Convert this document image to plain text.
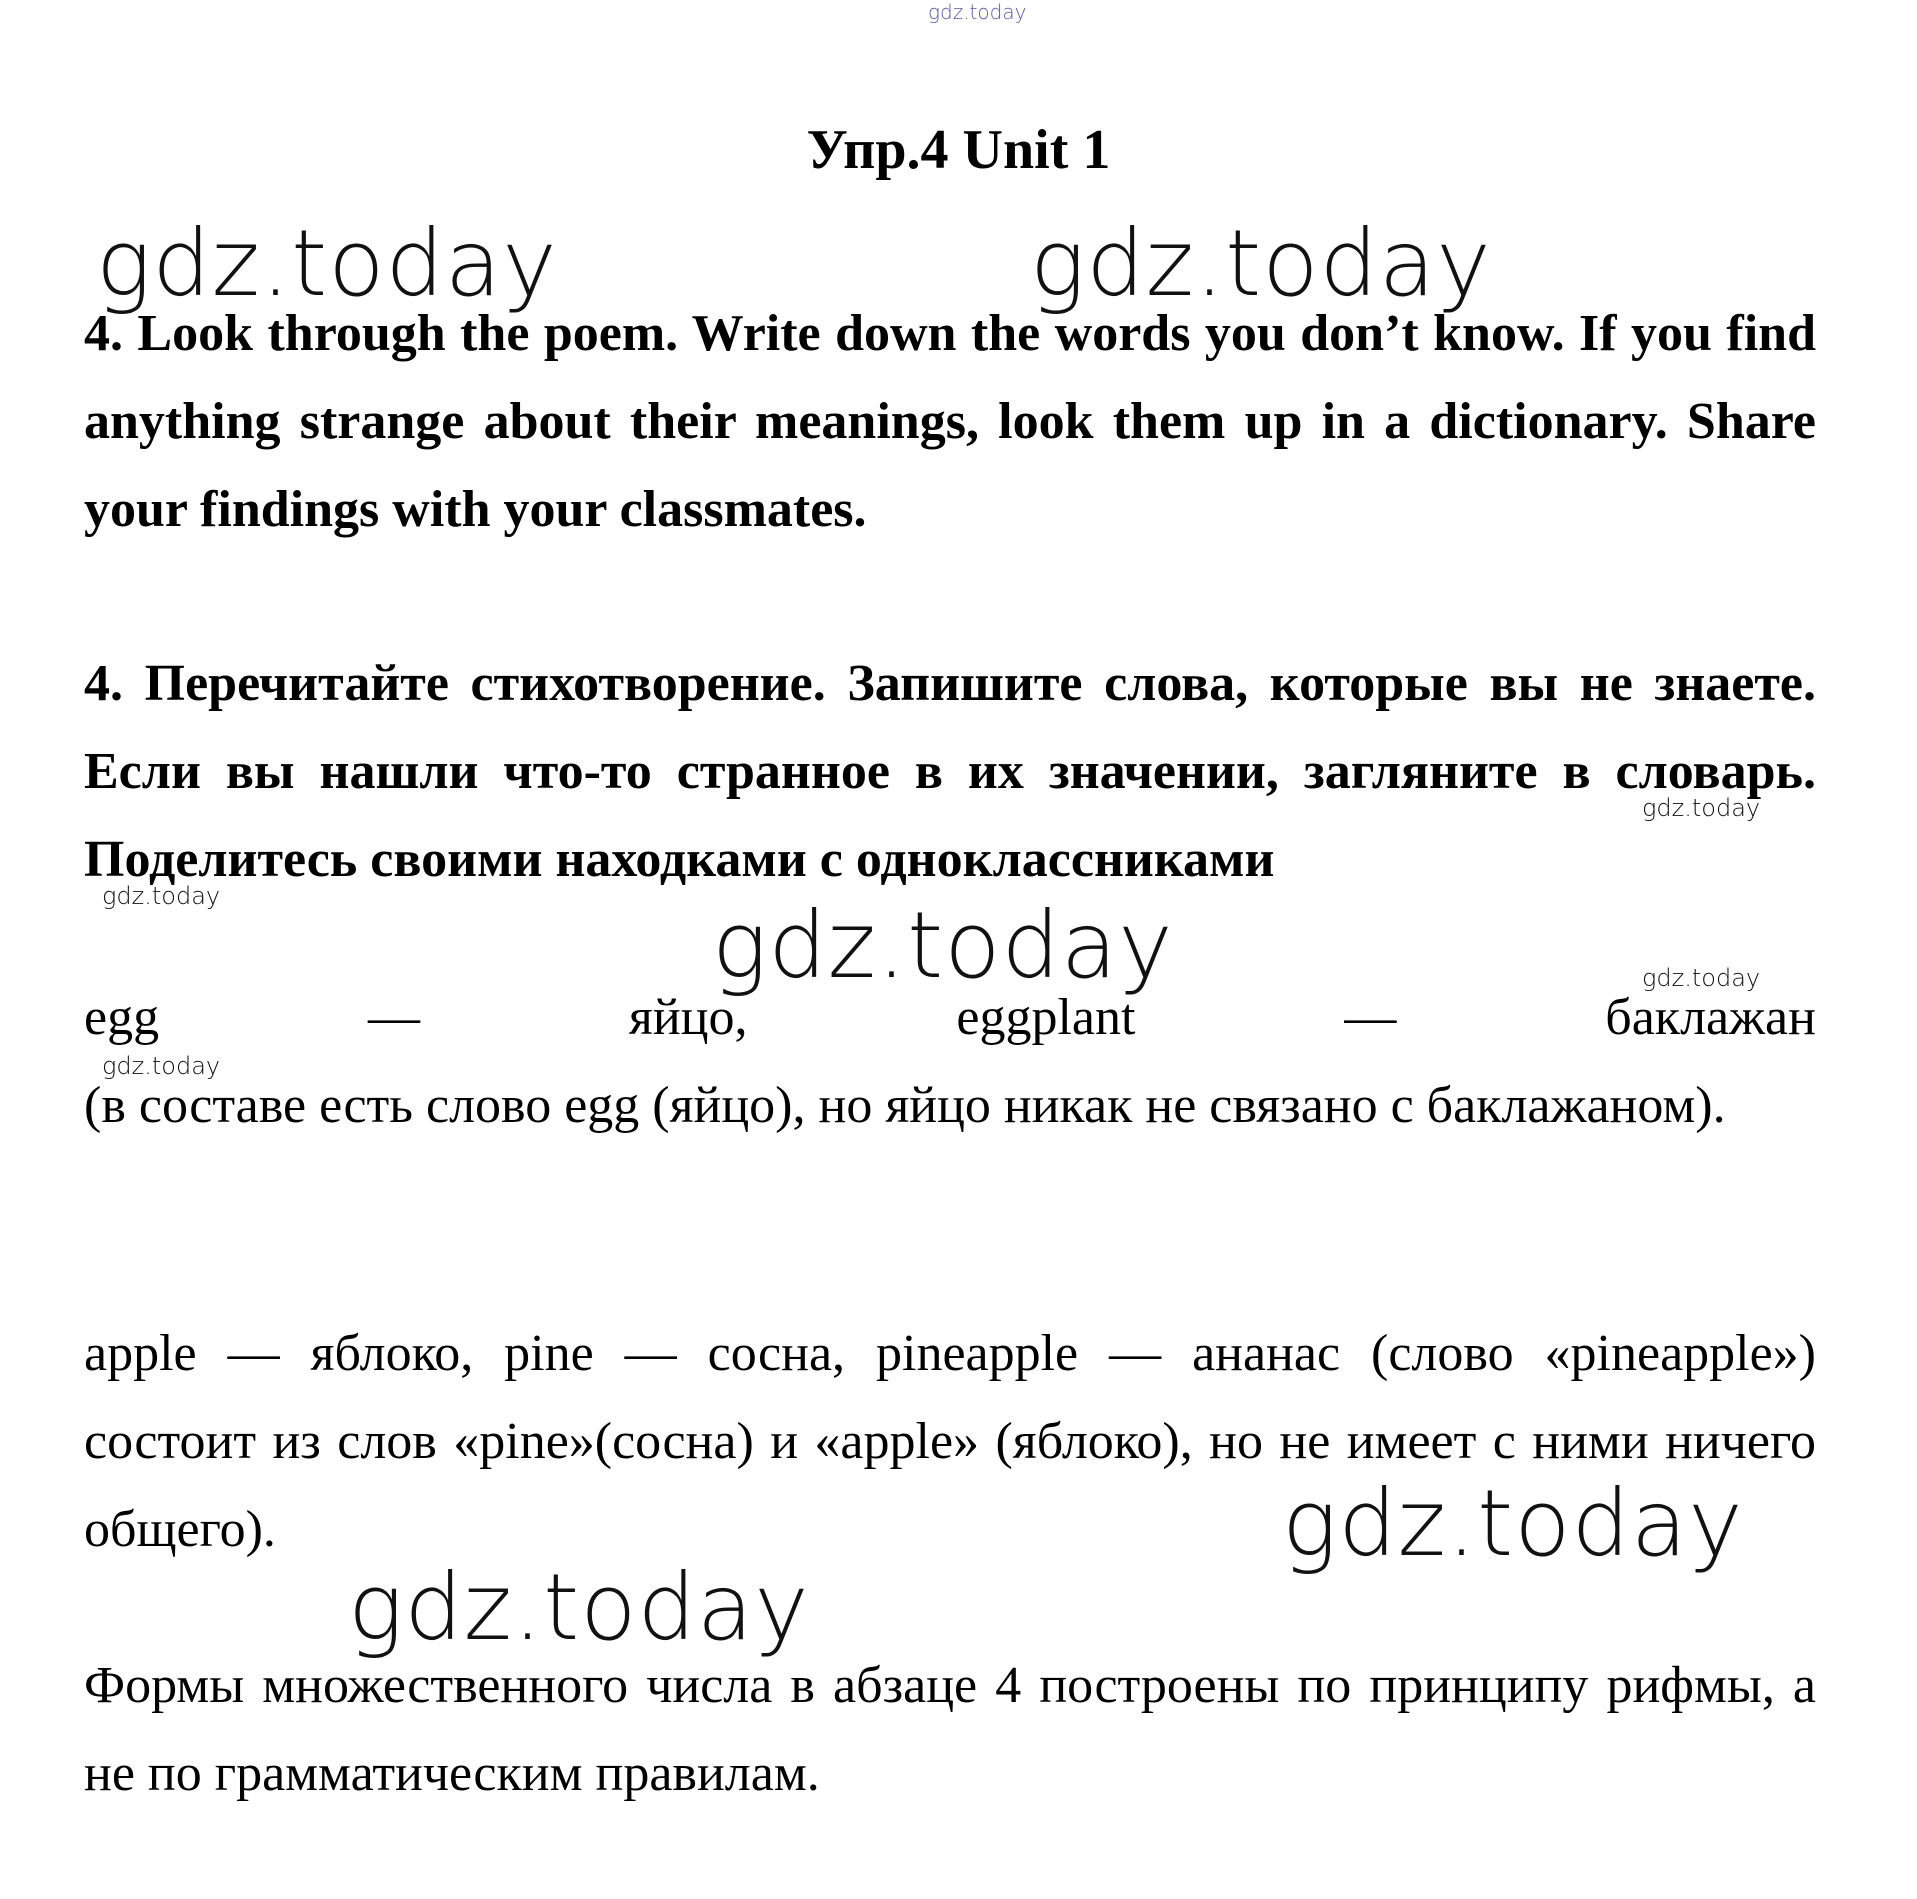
gdz.today
gdz.today	gdz.today
gdz.today
gdz.today
gdz.today
gdz.today
gdz.today
gdz.today
gdz.today
Упр.4 Unit 1

4. Look through the poem. Write down the words you don’t know. If you find anything strange about their meanings, look them up in a dictionary. Share your findings with your classmates.

4. Перечитайте стихотворение. Запишите слова, которые вы не знаете. Если вы нашли что-то странное в их значении, загляните в словарь. Поделитесь своими находками с одноклассниками

egg	—	яйцо,	eggplant	—	баклажан

(в составе есть слово egg (яйцо), но яйцо никак не связано с баклажаном).

apple — яблоко, pine — сосна, pineapple — ананас (слово «pineapple») состоит из слов «pine»(сосна) и «apple» (яблоко), но не имеет с ними ничего общего).

Формы множественного числа в абзаце 4 построены по принципу рифмы, а не по грамматическим правилам.
